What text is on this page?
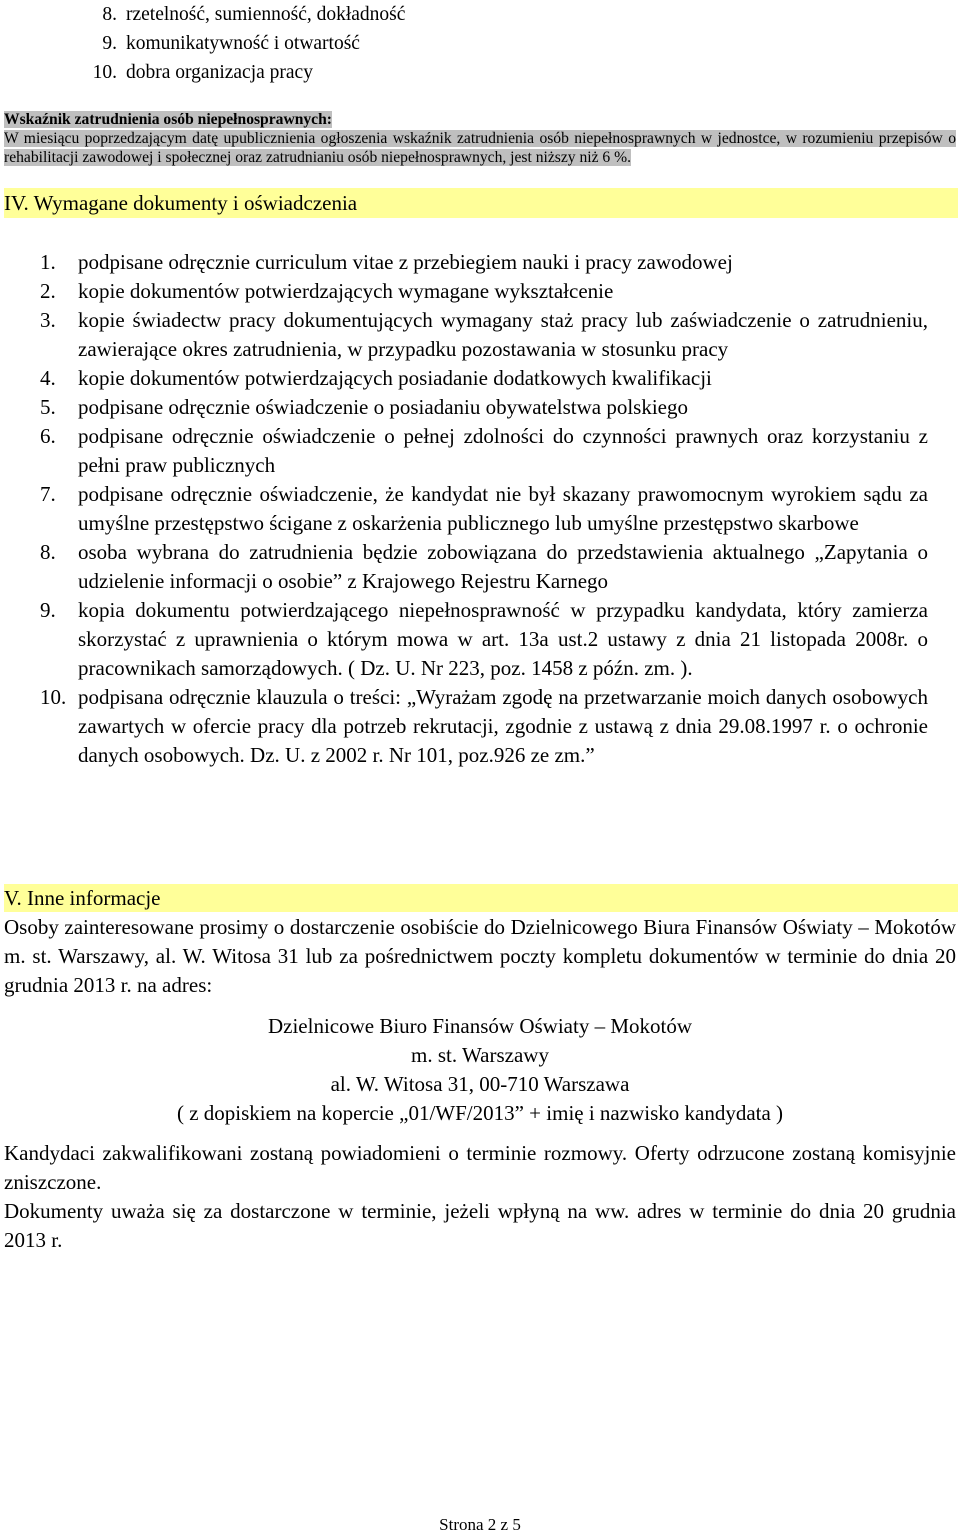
8. rzetelność, sumienność, dokładność
9. komunikatywność i otwartość
10. dobra organizacja pracy
Wskaźnik zatrudnienia osób niepełnosprawnych:
W miesiącu poprzedzającym datę upublicznienia ogłoszenia wskaźnik zatrudnienia osób niepełnosprawnych w jednostce, w rozumieniu przepisów o rehabilitacji zawodowej i społecznej oraz zatrudnianiu osób niepełnosprawnych, jest niższy niż 6 %.
IV. Wymagane dokumenty i oświadczenia
1.	podpisane odręcznie curriculum vitae z przebiegiem nauki i pracy zawodowej
2.	kopie dokumentów potwierdzających wymagane wykształcenie
3.	kopie świadectw pracy dokumentujących wymagany staż pracy lub zaświadczenie o zatrudnieniu, zawierające okres zatrudnienia, w przypadku pozostawania w stosunku pracy
4.	kopie dokumentów potwierdzających posiadanie dodatkowych kwalifikacji
5.	podpisane odręcznie oświadczenie o posiadaniu obywatelstwa polskiego
6.	podpisane odręcznie oświadczenie o pełnej zdolności do czynności prawnych oraz korzystaniu z pełni praw publicznych
7.	podpisane odręcznie oświadczenie, że kandydat nie był skazany prawomocnym wyrokiem sądu za umyślne przestępstwo ścigane z oskarżenia publicznego lub umyślne przestępstwo skarbowe
8.	osoba wybrana do zatrudnienia będzie zobowiązana do przedstawienia aktualnego „Zapytania o udzielenie informacji o osobie” z Krajowego Rejestru Karnego
9.	kopia dokumentu potwierdzającego niepełnosprawność w przypadku kandydata, który zamierza skorzystać z uprawnienia o którym mowa w art. 13a ust.2 ustawy z dnia 21 listopada 2008r. o pracownikach samorządowych. ( Dz. U. Nr 223, poz. 1458 z późn. zm. ).
10. podpisana odręcznie klauzula o treści: „Wyrażam zgodę na przetwarzanie moich danych osobowych zawartych w ofercie pracy dla potrzeb rekrutacji, zgodnie z ustawą z dnia 29.08.1997 r. o ochronie danych osobowych. Dz. U. z 2002 r. Nr 101, poz.926 ze zm.”
V. Inne informacje
Osoby zainteresowane prosimy o dostarczenie osobiście do Dzielnicowego Biura Finansów Oświaty – Mokotów m. st. Warszawy, al. W. Witosa 31 lub za pośrednictwem poczty kompletu dokumentów w terminie do dnia 20 grudnia 2013 r. na adres:
Dzielnicowe Biuro Finansów Oświaty – Mokotów
m. st. Warszawy
al. W. Witosa 31, 00-710 Warszawa
( z dopiskiem na kopercie „01/WF/2013” + imię i nazwisko kandydata )
Kandydaci zakwalifikowani zostaną powiadomieni o terminie rozmowy. Oferty odrzucone zostaną komisyjnie zniszczone.
Dokumenty uważa się za dostarczone w terminie, jeżeli wpłyną na ww. adres w terminie do dnia 20 grudnia 2013 r.
Strona 2 z 5
